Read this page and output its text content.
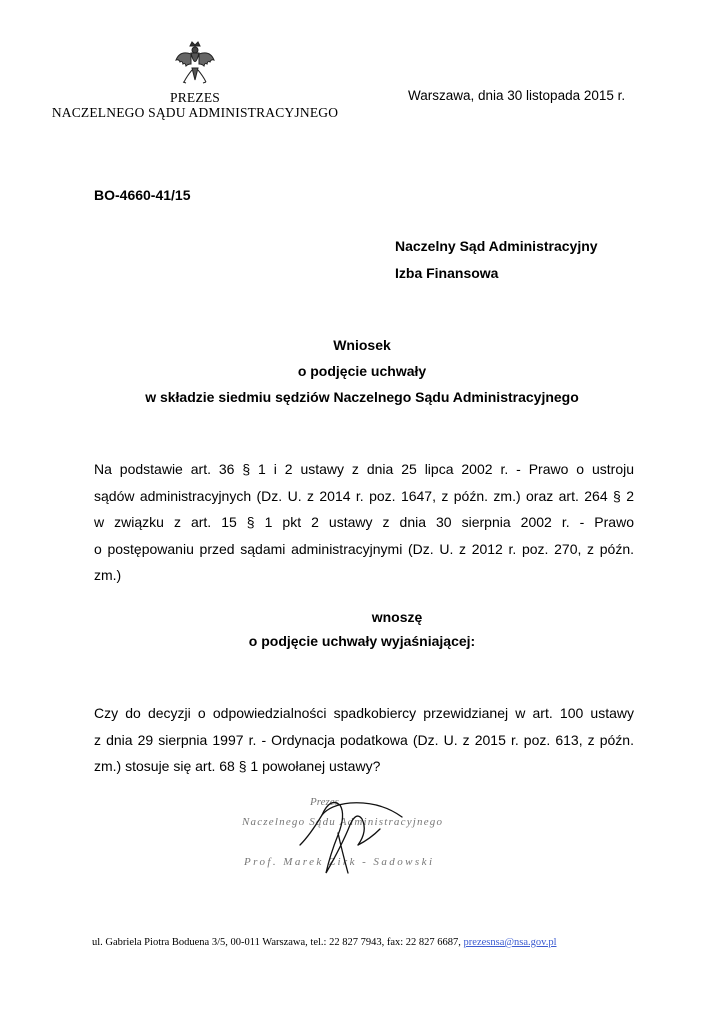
PREZES
NACZELNEGO SĄDU ADMINISTRACYJNEGO
Warszawa, dnia 30 listopada 2015 r.
BO-4660-41/15
Naczelny Sąd Administracyjny
Izba Finansowa
Wniosek
o podjęcie uchwały
w składzie siedmiu sędziów Naczelnego Sądu Administracyjnego
Na podstawie art. 36 § 1 i 2 ustawy z dnia 25 lipca 2002 r. - Prawo o ustroju
sądów administracyjnych (Dz. U. z 2014 r. poz. 1647, z późn. zm.) oraz art. 264 § 2
w związku z art. 15 § 1 pkt 2 ustawy z dnia 30 sierpnia 2002 r. - Prawo
o postępowaniu przed sądami administracyjnymi (Dz. U. z 2012 r. poz. 270, z późn.
zm.)
wnoszę
o podjęcie uchwały wyjaśniającej:
Czy do decyzji o odpowiedzialności spadkobiercy przewidzianej w art. 100 ustawy
z dnia 29 sierpnia 1997 r. - Ordynacja podatkowa (Dz. U. z 2015 r. poz. 613, z późn.
zm.) stosuje się art. 68 § 1 powołanej ustawy?
Prezes
Naczelnego Sądu Administracyjnego
Prof. Marek Zirk - Sadowski
ul. Gabriela Piotra Boduena 3/5, 00-011 Warszawa, tel.: 22 827 7943, fax: 22 827 6687, prezesnsa@nsa.gov.pl
